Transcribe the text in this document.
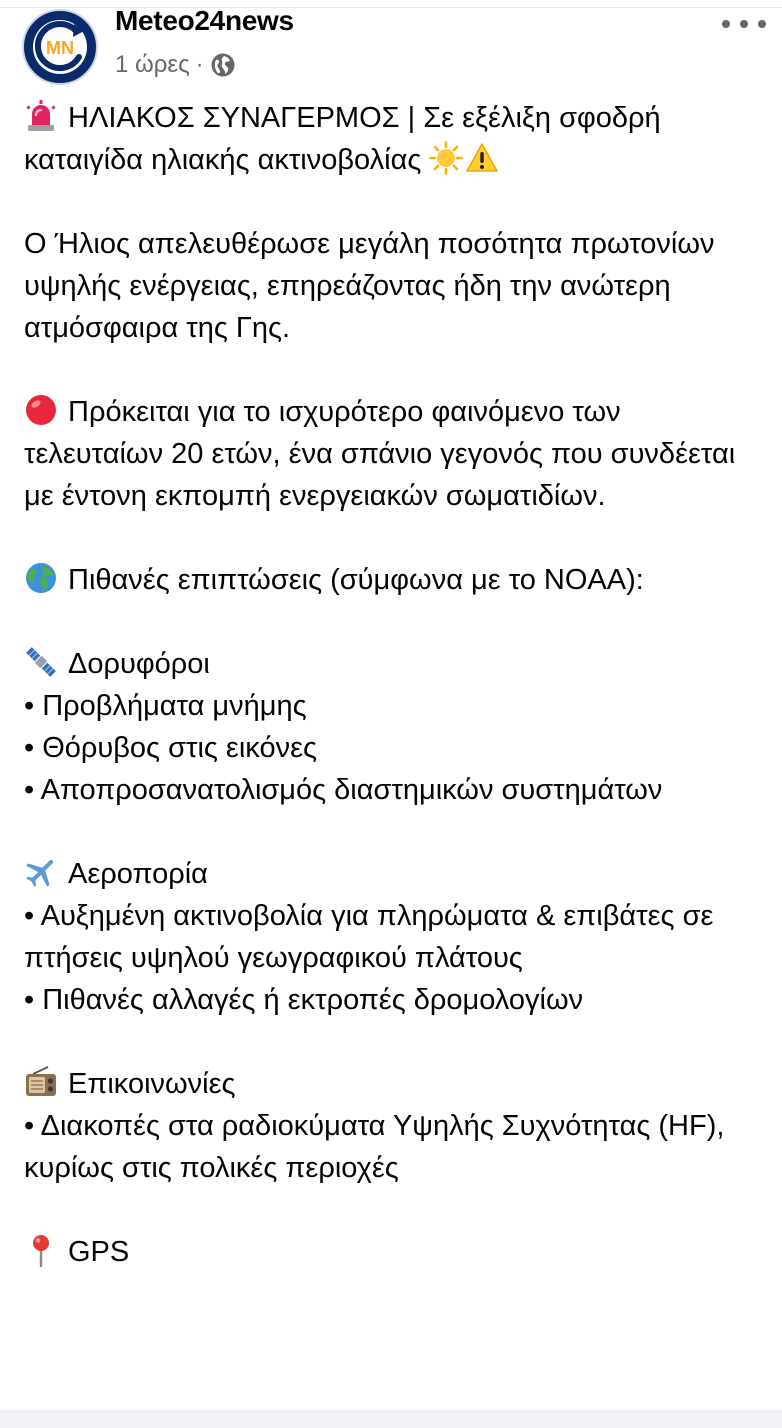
MN
Meteo24news
1 ώρες ·

ΗΛΙΑΚΟΣ ΣΥΝΑΓΕΡΜΟΣ | Σε εξέλιξη σφοδρή καταιγίδα ηλιακής ακτινοβολίας

Ο Ήλιος απελευθέρωσε μεγάλη ποσότητα πρωτονίων υψηλής ενέργειας, επηρεάζοντας ήδη την ανώτερη ατμόσφαιρα της Γης.

Πρόκειται για το ισχυρότερο φαινόμενο των τελευταίων 20 ετών, ένα σπάνιο γεγονός που συνδέεται με έντονη εκπομπή ενεργειακών σωματιδίων.

Πιθανές επιπτώσεις (σύμφωνα με το NOAA):

Δορυφόροι

• Προβλήματα μνήμης

• Θόρυβος στις εικόνες

• Αποπροσανατολισμός διαστημικών συστημάτων

Αεροπορία

• Αυξημένη ακτινοβολία για πληρώματα & επιβάτες σε πτήσεις υψηλού γεωγραφικού πλάτους

• Πιθανές αλλαγές ή εκτροπές δρομολογίων

Επικοινωνίες

• Διακοπές στα ραδιοκύματα Υψηλής Συχνότητας (HF), κυρίως στις πολικές περιοχές

GPS
